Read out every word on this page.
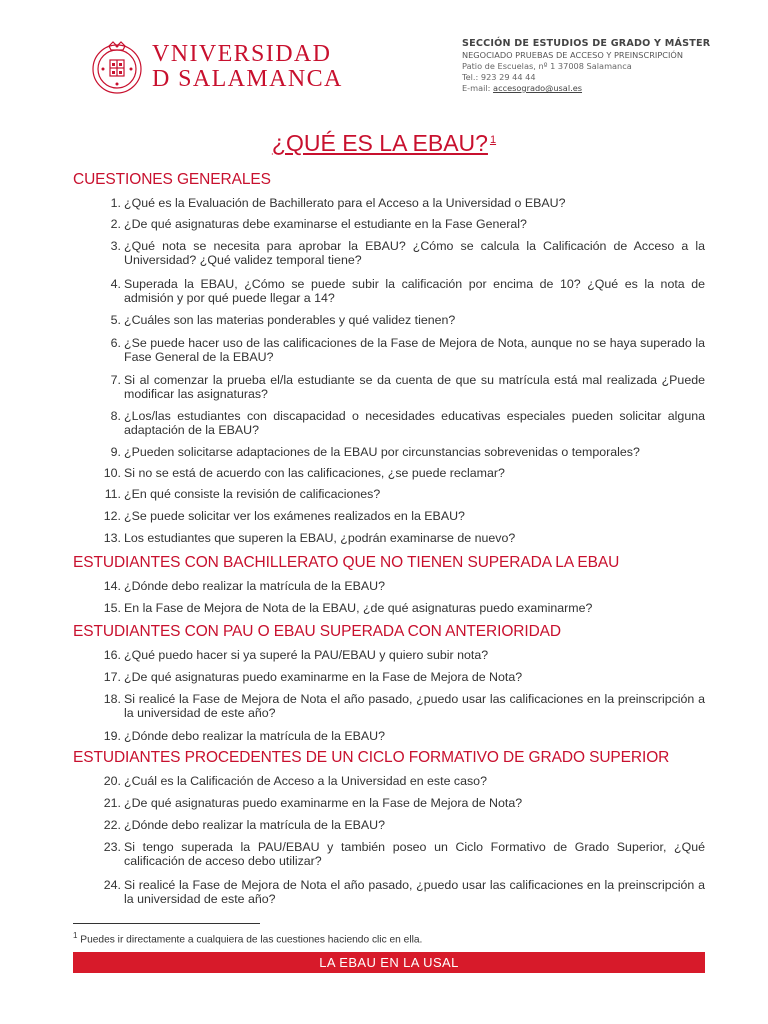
VNIVERSIDAD
D SALAMANCA
SECCIÓN DE ESTUDIOS DE GRADO Y MÁSTER
NEGOCIADO PRUEBAS DE ACCESO Y PREINSCRIPCIÓN
Patio de Escuelas, nº 1 37008 Salamanca
Tel.: 923 29 44 44
E-mail: accesogrado@usal.es
¿QUÉ ES LA EBAU? $^1$
CUESTIONES GENERALES
1. ¿Qué es la Evaluación de Bachillerato para el Acceso a la Universidad o EBAU?
2. ¿De qué asignaturas debe examinarse el estudiante en la Fase General?
3. ¿Qué nota se necesita para aprobar la EBAU? ¿Cómo se calcula la Calificación de Acceso a la Universidad? ¿Qué validez temporal tiene?
4. Superada la EBAU, ¿Cómo se puede subir la calificación por encima de 10? ¿Qué es la nota de admisión y por qué puede llegar a 14?
5. ¿Cuáles son las materias ponderables y qué validez tienen?
6. ¿Se puede hacer uso de las calificaciones de la Fase de Mejora de Nota, aunque no se haya superado la Fase General de la EBAU?
7. Si al comenzar la prueba el/la estudiante se da cuenta de que su matrícula está mal realizada ¿Puede modificar las asignaturas?
8. ¿Los/las estudiantes con discapacidad o necesidades educativas especiales pueden solicitar alguna adaptación de la EBAU?
9. ¿Pueden solicitarse adaptaciones de la EBAU por circunstancias sobrevenidas o temporales?
10. Si no se está de acuerdo con las calificaciones, ¿se puede reclamar?
11. ¿En qué consiste la revisión de calificaciones?
12. ¿Se puede solicitar ver los exámenes realizados en la EBAU?
13. Los estudiantes que superen la EBAU, ¿podrán examinarse de nuevo?
ESTUDIANTES CON BACHILLERATO QUE NO TIENEN SUPERADA LA EBAU
14. ¿Dónde debo realizar la matrícula de la EBAU?
15. En la Fase de Mejora de Nota de la EBAU, ¿de qué asignaturas puedo examinarme?
ESTUDIANTES CON PAU O EBAU SUPERADA CON ANTERIORIDAD
16. ¿Qué puedo hacer si ya superé la PAU/EBAU y quiero subir nota?
17. ¿De qué asignaturas puedo examinarme en la Fase de Mejora de Nota?
18. Si realicé la Fase de Mejora de Nota el año pasado, ¿puedo usar las calificaciones en la preinscripción a la universidad de este año?
19. ¿Dónde debo realizar la matrícula de la EBAU?
ESTUDIANTES PROCEDENTES DE UN CICLO FORMATIVO DE GRADO SUPERIOR
20. ¿Cuál es la Calificación de Acceso a la Universidad en este caso?
21. ¿De qué asignaturas puedo examinarme en la Fase de Mejora de Nota?
22. ¿Dónde debo realizar la matrícula de la EBAU?
23. Si tengo superada la PAU/EBAU y también poseo un Ciclo Formativo de Grado Superior, ¿Qué calificación de acceso debo utilizar?
24. Si realicé la Fase de Mejora de Nota el año pasado, ¿puedo usar las calificaciones en la preinscripción a la universidad de este año?
$^1$ Puedes ir directamente a cualquiera de las cuestiones haciendo clic en ella.
LA EBAU EN LA USAL
